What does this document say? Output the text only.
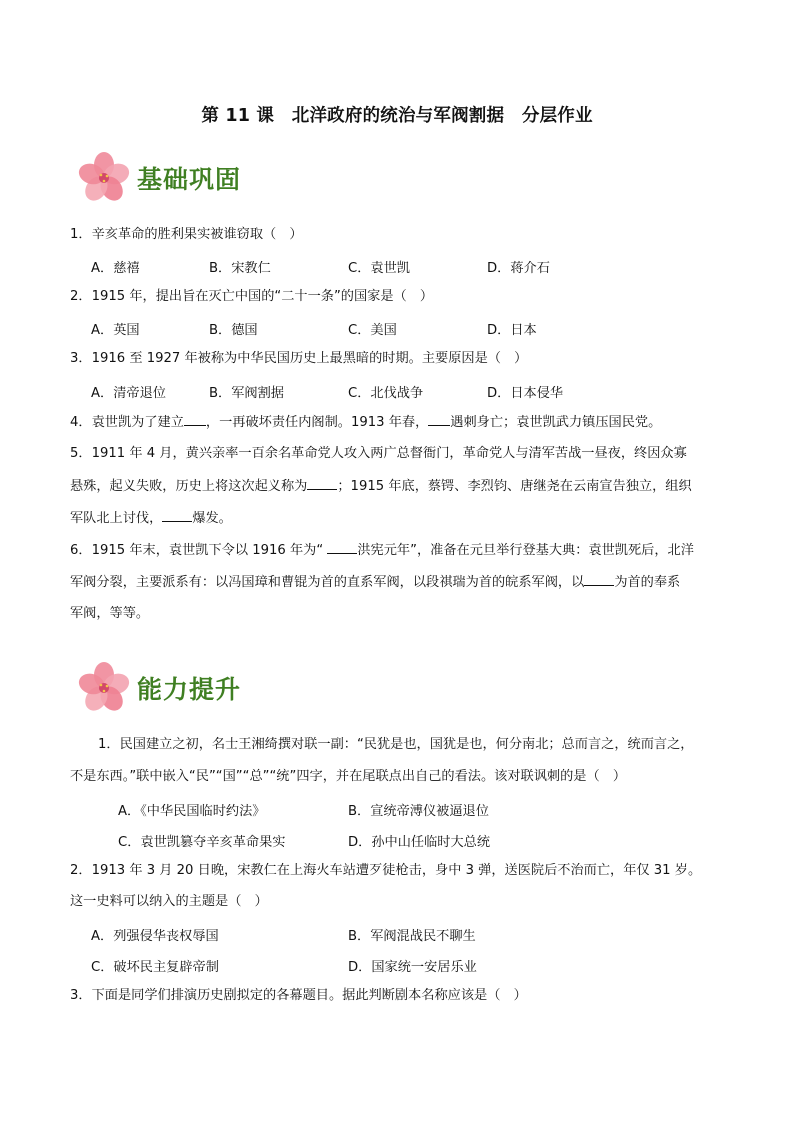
第 11 课　北洋政府的统治与军阀割据　分层作业
基础巩固
1．辛亥革命的胜利果实被谁窃取（　）

A．慈禧

	B．宋教仁

	C．袁世凯

	D．蒋介石

2．1915 年，提出旨在灭亡中国的“二十一条”的国家是（　）

A．英国

	B．德国

	C．美国

	D．日本

3．1916 至 1927 年被称为中华民国历史上最黑暗的时期。主要原因是（　）

A．清帝退位

	B．军阀割据

	C．北伐战争

	D．日本侵华

4．袁世凯为了建立 ，一再破坏责任内阁制。1913 年春， 遇刺身亡；袁世凯武力镇压国民党。
5．1911 年 4 月，黄兴亲率一百余名革命党人攻入两广总督衙门，革命党人与清军苦战一昼夜，终因众寡
悬殊，起义失败，历史上将这次起义称为 ；1915 年底，蔡锷、李烈钧、唐继尧在云南宣告独立，组织
军队北上讨伐， 爆发。
6．1915 年末，袁世凯下令以 1916 年为“ 洪宪元年”，准备在元旦举行登基大典：袁世凯死后，北洋
军阀分裂，主要派系有：以冯国璋和曹锟为首的直系军阀，以段祺瑞为首的皖系军阀，以 为首的奉系
军阀，等等。
能力提升
1．民国建立之初，名士王湘绮撰对联一副：“民犹是也，国犹是也，何分南北；总而言之，统而言之，
不是东西。”联中嵌入“民”“国”“总”“统”四字，并在尾联点出自己的看法。该对联讽刺的是（　）

A．《中华民国临时约法》

	B．宣统帝溥仪被逼退位

C．袁世凯篡夺辛亥革命果实

	D．孙中山任临时大总统

2．1913 年 3 月 20 日晚，宋教仁在上海火车站遭歹徒枪击，身中 3 弹，送医院后不治而亡，年仅 31 岁。
这一史料可以纳入的主题是（　）

A．列强侵华丧权辱国

	B．军阀混战民不聊生

C．破坏民主复辟帝制

	D．国家统一安居乐业

3．下面是同学们排演历史剧拟定的各幕题目。据此判断剧本名称应该是（　）
